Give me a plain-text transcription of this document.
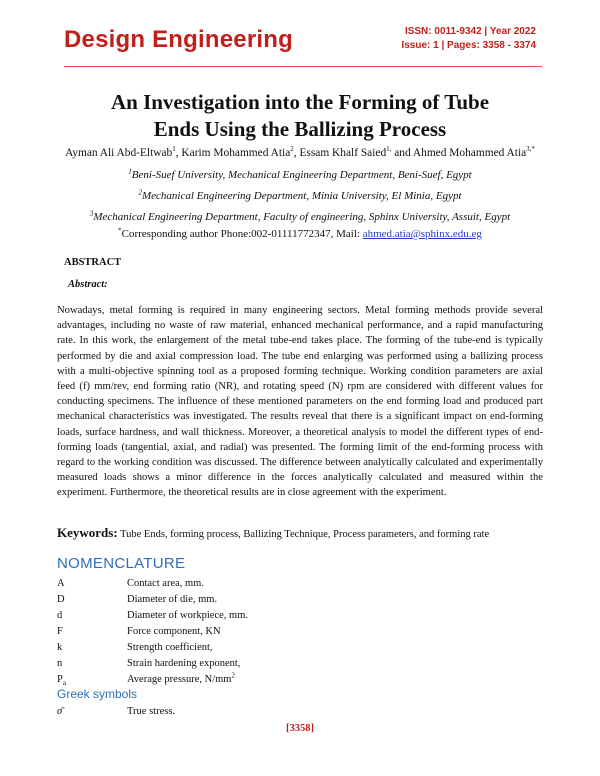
Design Engineering	ISSN: 0011-9342 | Year 2022
Issue: 1 | Pages: 3358 - 3374
An Investigation into the Forming of Tube
Ends Using the Ballizing Process
Ayman Ali Abd-Eltwab$^1$, Karim Mohammed Atia$^2$, Essam Khalf Saied$^{1,}$ and Ahmed Mohammed Atia$^{3,*}$
$^1$Beni-Suef University, Mechanical Engineering Department, Beni-Suef, Egypt
$^2$Mechanical Engineering Department, Minia University, El Minia, Egypt
$^3$Mechanical Engineering Department, Faculty of engineering, Sphinx University, Assuit, Egypt
*Corresponding author Phone:002-01111772347, Mail: ahmed.atia@sphinx.edu.eg
ABSTRACT
Abstract:
Nowadays, metal forming is required in many engineering sectors. Metal forming methods provide several advantages, including no waste of raw material, enhanced mechanical performance, and a rapid manufacturing rate. In this work, the enlargement of the metal tube-end takes place. The forming of the tube-end is typically performed by die and axial compression load. The tube end enlarging was performed using a ballizing process with a multi-objective spinning tool as a proposed forming technique. Working condition parameters are axial feed (f) mm/rev, end forming ratio (NR), and rotating speed (N) rpm are considered with different values for conducting specimens. The influence of these mentioned parameters on the end forming load and produced part mechanical characteristics was investigated. The results reveal that there is a significant impact on end-forming loads, surface hardness, and wall thickness. Moreover, a theoretical analysis to model the different types of end-forming loads (tangential, axial, and radial) was presented. The forming limit of the end-forming process with regard to the working condition was discussed. The difference between analytically calculated and experimentally measured loads shows a minor difference in the forces analytically calculated and measured within the experiment. Furthermore, the theoretical results are in close agreement with the experiment.
Keywords: Tube Ends, forming process, Ballizing Technique, Process parameters, and forming rate
NOMENCLATURE
A	Contact area, mm.
D	Diameter of die, mm.
d	Diameter of workpiece, mm.
F	Force component, KN
k	Strength coefficient,
n	Strain hardening exponent,
$P_a$	Average pressure, $N/mm^2$
Greek symbols
σ̄	True stress.
[3358]
